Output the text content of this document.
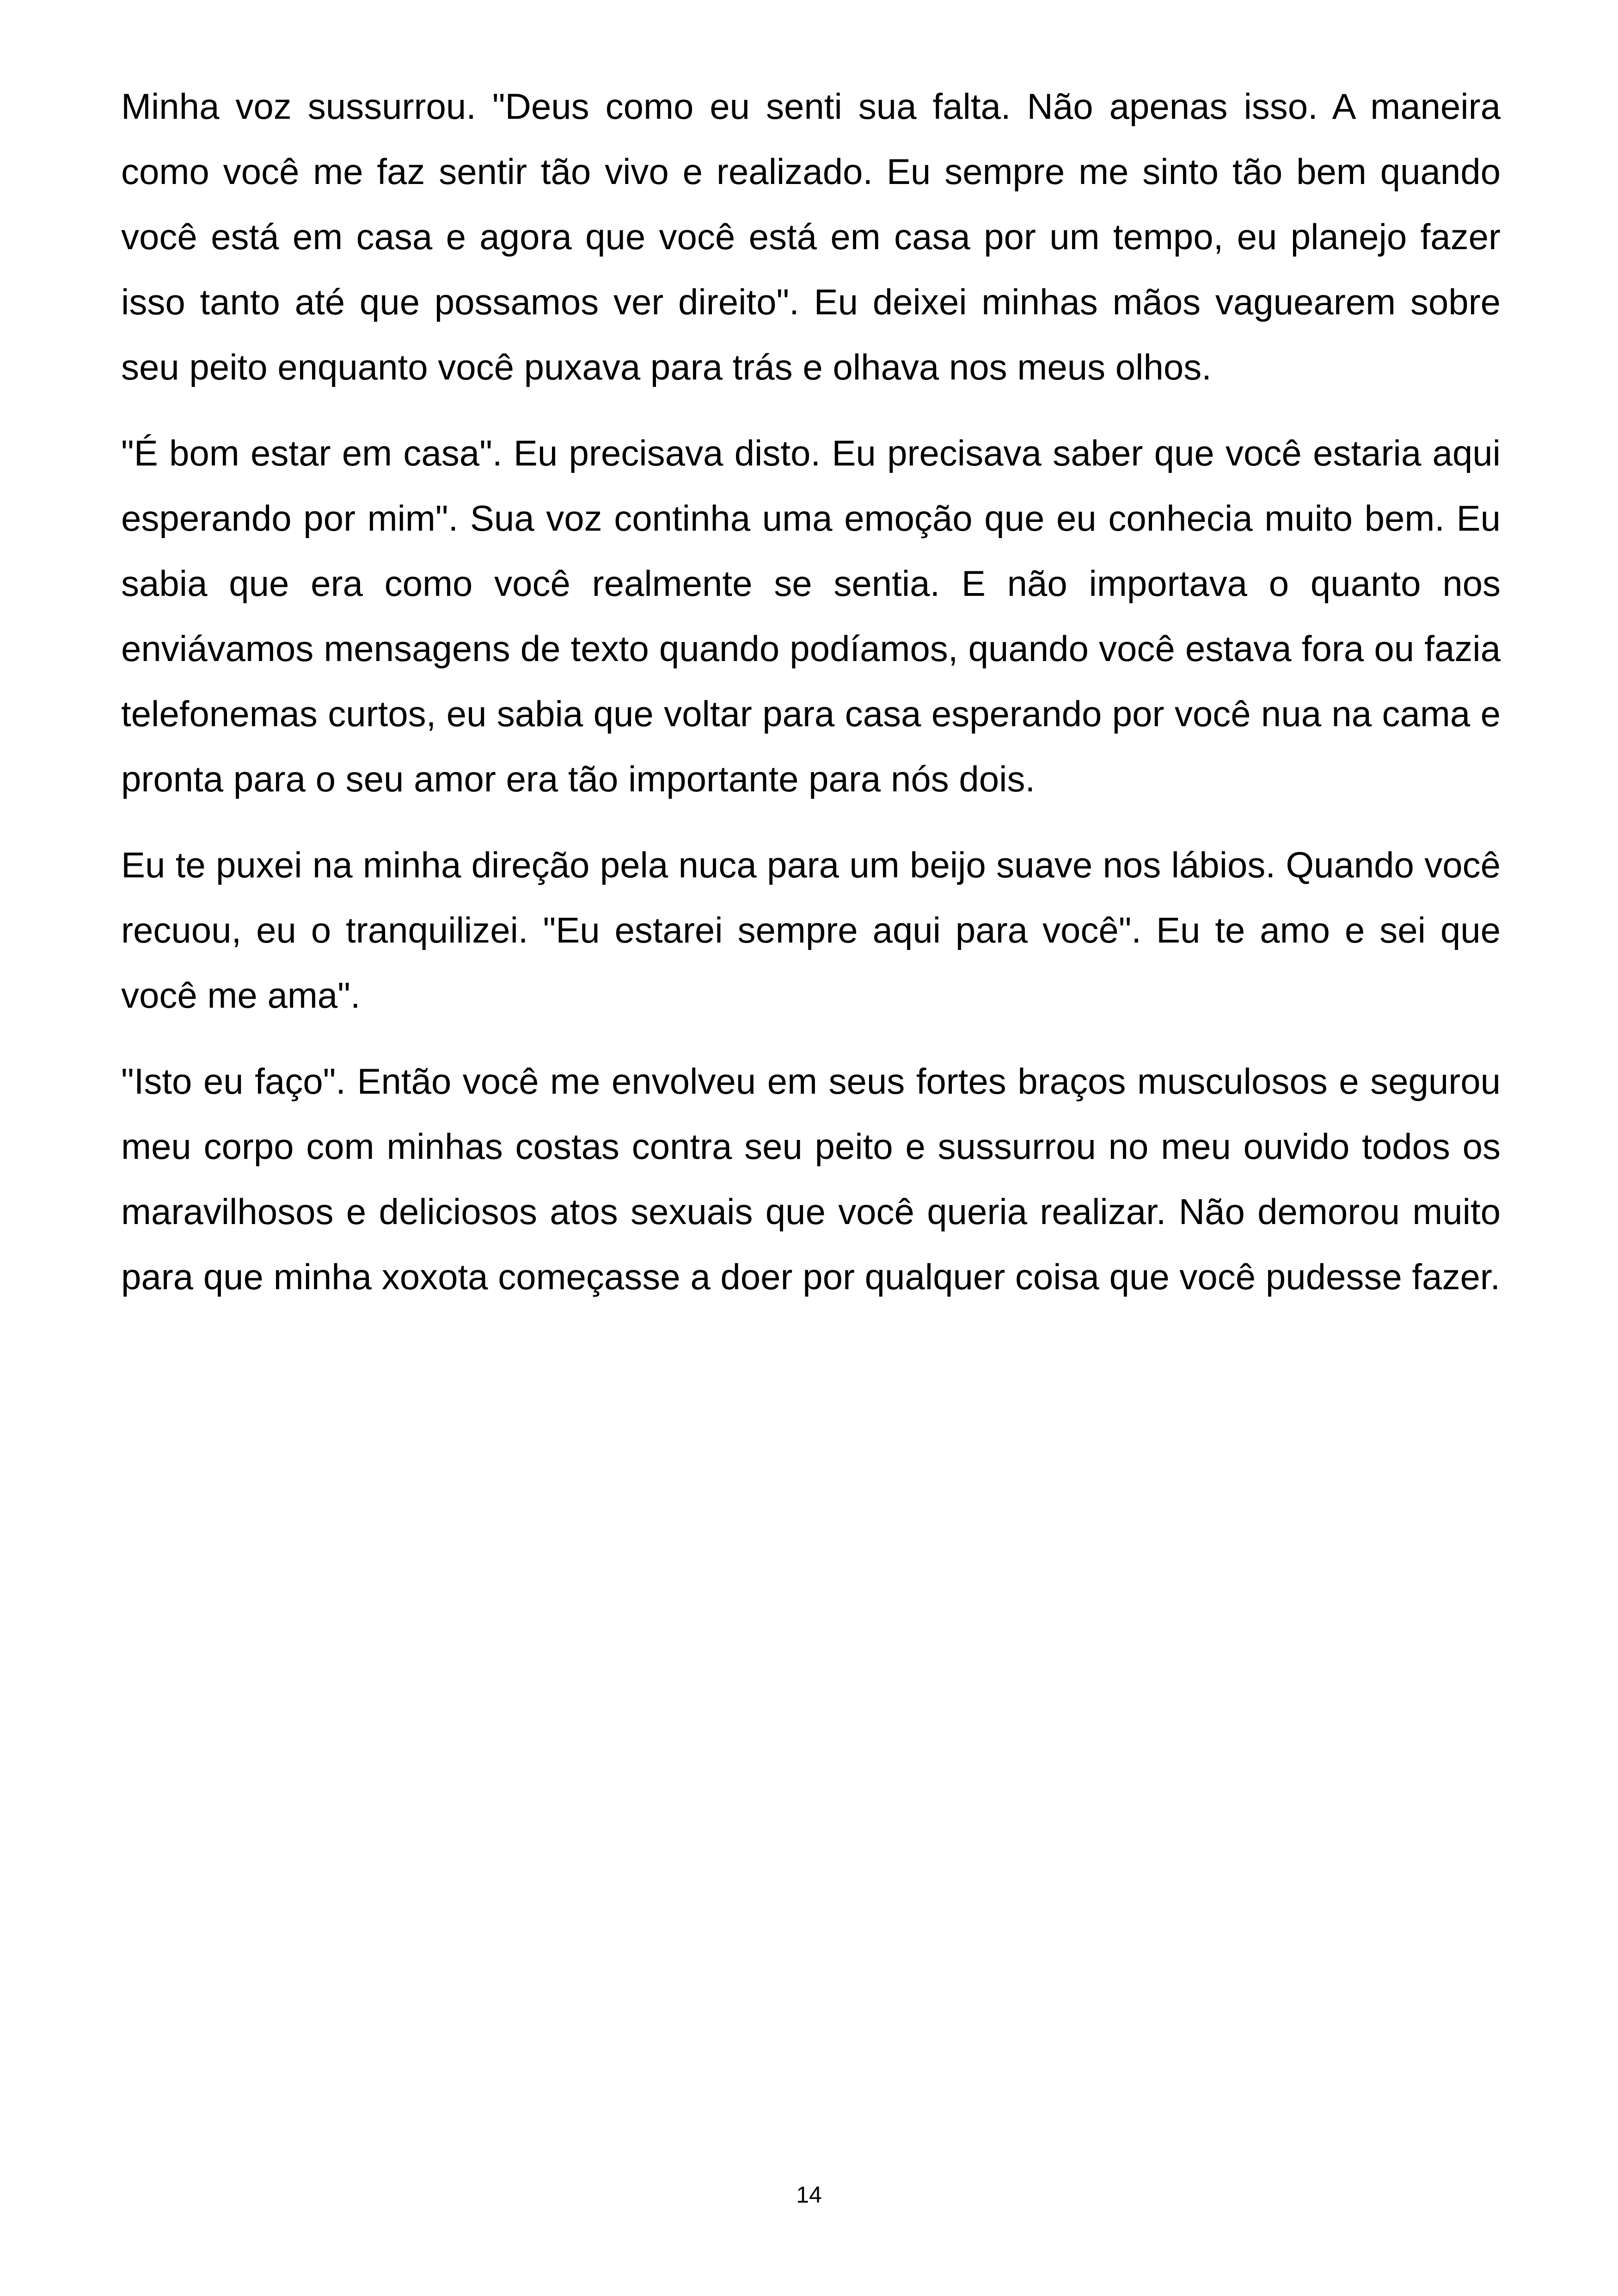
Minha voz sussurrou. "Deus como eu senti sua falta. Não apenas isso. A maneira como você me faz sentir tão vivo e realizado. Eu sempre me sinto tão bem quando você está em casa e agora que você está em casa por um tempo, eu planejo fazer isso tanto até que possamos ver direito". Eu deixei minhas mãos vaguearem sobre seu peito enquanto você puxava para trás e olhava nos meus olhos.

"É bom estar em casa". Eu precisava disto. Eu precisava saber que você estaria aqui esperando por mim". Sua voz continha uma emoção que eu conhecia muito bem. Eu sabia que era como você realmente se sentia. E não importava o quanto nos enviávamos mensagens de texto quando podíamos, quando você estava fora ou fazia telefonemas curtos, eu sabia que voltar para casa esperando por você nua na cama e pronta para o seu amor era tão importante para nós dois.

Eu te puxei na minha direção pela nuca para um beijo suave nos lábios. Quando você recuou, eu o tranquilizei. "Eu estarei sempre aqui para você". Eu te amo e sei que você me ama".

"Isto eu faço". Então você me envolveu em seus fortes braços musculosos e segurou meu corpo com minhas costas contra seu peito e sussurrou no meu ouvido todos os maravilhosos e deliciosos atos sexuais que você queria realizar. Não demorou muito para que minha xoxota começasse a doer por qualquer coisa que você pudesse fazer.

14
